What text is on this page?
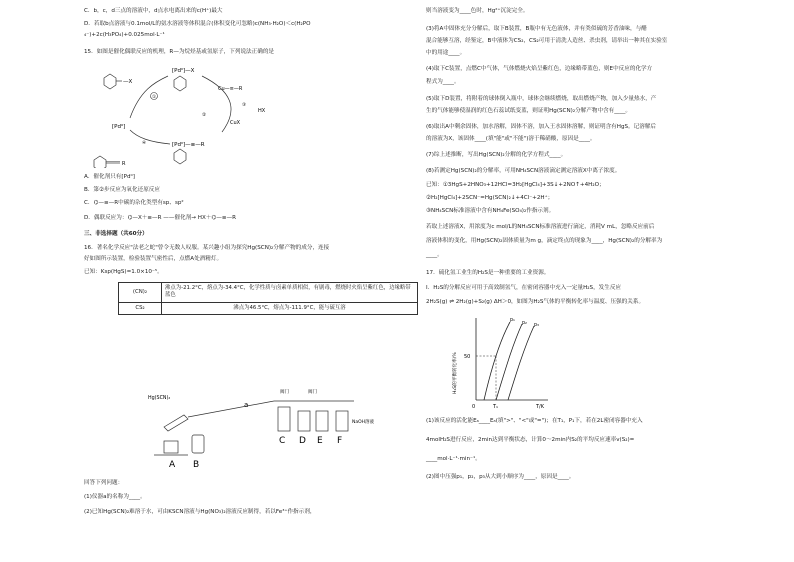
C．b，c，d三点的溶液中，d点水电离出来的c(H⁺)最大

D．若取b点溶液与0.1mol/L的氨水溶液等体积混合(体积变化可忽略)c(NH₃·H₂O)＜c(H₂PO

₄⁻)+2c(H₃PO₄)+0.025mol·L⁻¹

15．如图是催化偶联反应的机理，R—为烷烃基或氢原子，下列说法正确的是

—X
[Pd⁰]
[Pdᴵᴵ]—X
Cu—≡—R
HX
CuX
[Pdᴵᴵ]—≡—R
R
①
②
③
④

A．催化剂只有[Pd⁰]

B．第②步反应为氧化还原反应

C．⌬—≡—R中碳的杂化类型有sp、sp²

D．偶联反应为：⌬—X＋≡—R ——催化剂→ HX＋⌬—≡—R

三、非选择题（共60分）

16．著名化学反应"法老之蛇"曾令无数人叹服。某兴趣小组为探究Hg(SCN)₂分解产物的成分，连接

好如图所示装置，检验装置气密性后，点燃A处酒精灯。

已知：Ksp(HgS)=1.0×10⁻⁵。

(CN)₂	沸点为-21.2°C，熔点为-34.4°C，化学性质与卤素单质相似，有剧毒，燃烧时火焰呈紫红色，边缘略带蓝色
CS₂	沸点为46.5°C，熔点为-111.9°C，能与硫互溶
Hg(SCN)₂
a
阀门	阀门
NaOH溶液
A B
C D E F

回答下列问题：

(1)仪器a的名称为____。

(2)已知Hg(SCN)₂难溶于水，可由KSCN溶液与Hg(NO₃)₂溶液反应制得，若以Fe³⁺作指示剂，

则当溶液变为____色时，Hg²⁺沉淀完全。

(3)将A中固体充分分解后，取下B装置，B瓶中有无色液体，并有类似硫的芳香油味，与醋

混合能够互溶，经鉴定，B中液体为CS₂，CS₂可用于清洗人造丝、杀虫剂，请举出一种其在实验室

中的用途____。

(4)取下C装置，点燃C中气体，气体燃烧火焰呈紫红色，边缘略带蓝色，则E中反应的化学方

程式为____。

(5)取下D装置，将附着的球体倒入瓶中，球体会继续燃烧，取出燃烧产物，加入少量热水，产

生的气体能够使湿润的红色石蕊试纸变蓝，则证明Hg(SCN)₂分解产物中含有____。

(6)取出A中剩余固体，加水溶解，固体不溶，加入王水固体溶解，则证明含有HgS。记溶解后

的溶液为X，该固体____(填"能"或"不能")溶于稀硝酸，原因是____。

(7)综上述推断，写出Hg(SCN)₂分解的化学方程式____。

(8)若测定Hg(SCN)₂的分解率，可用NH₄SCN溶液滴定测定溶液X中离子浓度。

已知：①3HgS+2HNO₃+12HCl=3H₂[HgCl₄]+3S↓+2NO↑+4H₂O；

②H₂[HgCl₄]+2SCN⁻=Hg(SCN)₂↓+4Cl⁻+2H⁺；

③NH₄SCN标准溶液中含有NH₄Fe(SO₄)₂作指示剂。

若取上述溶液X，用浓度为c mol/L的NH₄SCN标准溶液进行滴定，消耗V mL，忽略反应前后

溶液体积的变化，用Hg(SCN)₂固体质量为m g，滴定终点的现象为____，Hg(SCN)₂的分解率为

____。

17．硫化氢工业生的H₂S是一种重要的工业资源。

Ⅰ．H₂S的分解反应可用于高效制氢气，在密闭容器中充入一定量H₂S，发生反应

2H₂S(g) ⇌ 2H₂(g)+S₂(g) ΔH＞0，如图为H₂S气体的平衡转化率与温度、压强的关系。

H₂S的平衡转化率/% 50
p₁
p₂ p₃
0	T₁	T/K

(1)该反应的活化能Eₐ____Eₐ(填">"、"<"或"=")；在T₁，P₁下，若在2L密闭容器中充入

4molH₂S进行反应，2min达到平衡状态，计算0～2min内S₂的平均反应速率v(S₂)=

____mol·L⁻¹·min⁻¹。

(2)图中压强p₁，p₂，p₃从大到小顺序为____，原因是____。
